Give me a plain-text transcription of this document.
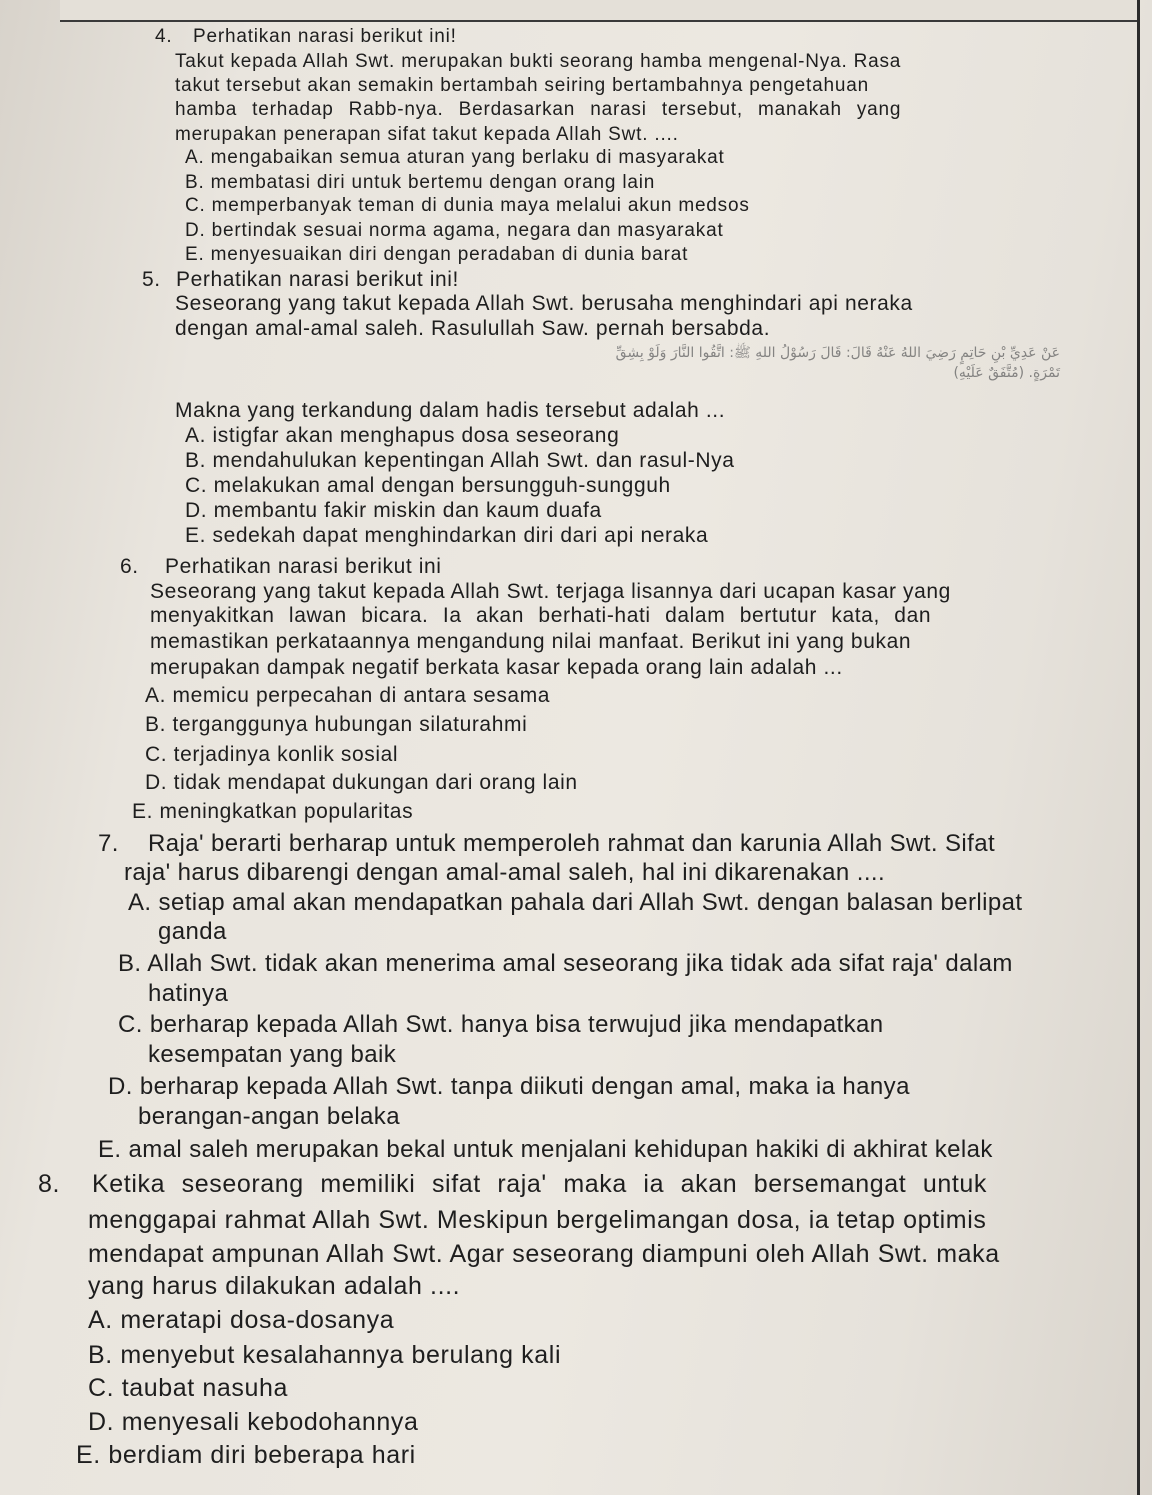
4. Perhatikan narasi berikut ini!
Takut kepada Allah Swt. merupakan bukti seorang hamba mengenal-Nya. Rasa
takut tersebut akan semakin bertambah seiring bertambahnya pengetahuan
hamba terhadap Rabb-nya. Berdasarkan narasi tersebut, manakah yang
merupakan penerapan sifat takut kepada Allah Swt. ....
A. mengabaikan semua aturan yang berlaku di masyarakat
B. membatasi diri untuk bertemu dengan orang lain
C. memperbanyak teman di dunia maya melalui akun medsos
D. bertindak sesuai norma agama, negara dan masyarakat
E. menyesuaikan diri dengan peradaban di dunia barat
5. Perhatikan narasi berikut ini!
Seseorang yang takut kepada Allah Swt. berusaha menghindari api neraka
dengan amal-amal saleh. Rasulullah Saw. pernah bersabda.
عَنْ عَدِيِّ بْنِ حَاتِمٍ رَضِيَ اللهُ عَنْهُ قَالَ: قَالَ رَسُوْلُ اللهِ ﷺ: اتَّقُوا النَّارَ وَلَوْ بِشِقِّ
تَمْرَةٍ. (مُتَّفَقٌ عَلَيْهِ)
Makna yang terkandung dalam hadis tersebut adalah ...
A. istigfar akan menghapus dosa seseorang
B. mendahulukan kepentingan Allah Swt. dan rasul-Nya
C. melakukan amal dengan bersungguh-sungguh
D. membantu fakir miskin dan kaum duafa
E. sedekah dapat menghindarkan diri dari api neraka
6. Perhatikan narasi berikut ini
Seseorang yang takut kepada Allah Swt. terjaga lisannya dari ucapan kasar yang
menyakitkan lawan bicara. Ia akan berhati-hati dalam bertutur kata, dan
memastikan perkataannya mengandung nilai manfaat. Berikut ini yang bukan
merupakan dampak negatif berkata kasar kepada orang lain adalah ...
A. memicu perpecahan di antara sesama
B. terganggunya hubungan silaturahmi
C. terjadinya konlik sosial
D. tidak mendapat dukungan dari orang lain
E. meningkatkan popularitas
7. Raja' berarti berharap untuk memperoleh rahmat dan karunia Allah Swt. Sifat
raja' harus dibarengi dengan amal-amal saleh, hal ini dikarenakan ....
A. setiap amal akan mendapatkan pahala dari Allah Swt. dengan balasan berlipat
ganda
B. Allah Swt. tidak akan menerima amal seseorang jika tidak ada sifat raja' dalam
hatinya
C. berharap kepada Allah Swt. hanya bisa terwujud jika mendapatkan
kesempatan yang baik
D. berharap kepada Allah Swt. tanpa diikuti dengan amal, maka ia hanya
berangan-angan belaka
E. amal saleh merupakan bekal untuk menjalani kehidupan hakiki di akhirat kelak
8. Ketika seseorang memiliki sifat raja' maka ia akan bersemangat untuk
menggapai rahmat Allah Swt. Meskipun bergelimangan dosa, ia tetap optimis
mendapat ampunan Allah Swt. Agar seseorang diampuni oleh Allah Swt. maka
yang harus dilakukan adalah ....
A. meratapi dosa-dosanya
B. menyebut kesalahannya berulang kali
C. taubat nasuha
D. menyesali kebodohannya
E. berdiam diri beberapa hari
